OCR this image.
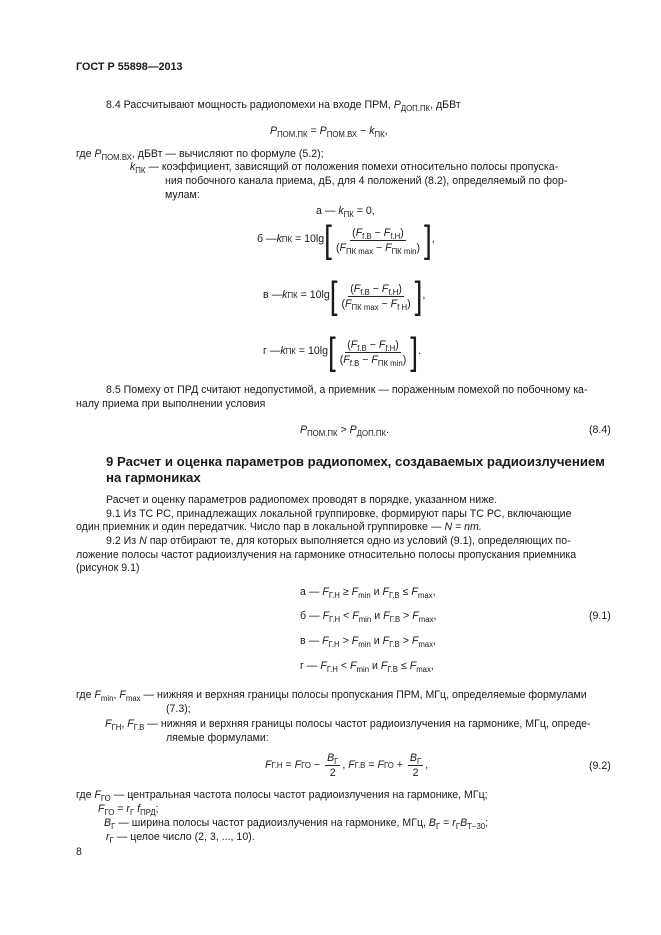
ГОСТ Р 55898—2013
8.4 Рассчитывают мощность радиопомехи на входе ПРМ, $P_{ДОП.ПК}$, дБВт
$P_{ПОМ.ПК} = P_{ПОМ.ВХ} - k_{ПК}$,
где $P_{ПОМ.ВХ}$, дБВт — вычисляют по формуле (5.2);
$k_{ПК}$ — коэффициент, зависящий от положения помехи относительно полосы пропуска-
ния побочного канала приема, дБ, для 4 положений (8.2), определяемый по фор-
мулам:
а — $k_{ПК} = 0$,
б — k ПК = 10lg [ $\frac{(F_{f.B} - F_{f.H})}{(F_{ПК max} - F_{ПК min})}$ ] ,
в — k ПК = 10lg [ $\frac{(F_{f.B} - F_{f.H})}{(F_{ПК max} - F_{f H})}$ ] ,
г — k ПК = 10lg [ $\frac{(F_{f.B} - F_{f.H})}{(F_{f.B} - F_{ПК min})}$ ] .
8.5 Помеху от ПРД считают недопустимой, а приемник — пораженным помехой по побочному ка-
налу приема при выполнении условия
$P_{ПОМ.ПК} > P_{ДОП.ПК}$.	(8.4)
9 Расчет и оценка параметров радиопомех, создаваемых радиоизлучением
на гармониках
Расчет и оценку параметров радиопомех проводят в порядке, указанном ниже.
9.1 Из ТС РС, принадлежащих локальной группировке, формируют пары ТС РС, включающие
один приемник и один передатчик. Число пар в локальной группировке — N = nm.
9.2 Из N пар отбирают те, для которых выполняется одно из условий (9.1), определяющих по-
ложение полосы частот радиоизлучения на гармонике относительно полосы пропускания приемника
(рисунок 9.1)
а — $F_{Г.Н} \ge F_{min}$ и $F_{Г.В} \le F_{max}$,
б — $F_{Г.Н} < F_{min}$ и $F_{Г.В} > F_{max}$,	(9.1)
в — $F_{Г.Н} > F_{min}$ и $F_{Г.В} > F_{max}$,
г — $F_{Г.Н} < F_{min}$ и $F_{Г.В} \le F_{max}$,
где $F_{min}$, $F_{max}$ — нижняя и верхняя границы полосы пропускания ПРМ, МГц, определяемые формулами
(7.3);
$F_{ГН}$, $F_{Г.В}$ — нижняя и верхняя границы полосы частот радиоизлучения на гармонике, МГц, опреде-
ляемые формулами:
F Г.Н = F ГО − $\frac{B_Г}{2}$ , F Г.В = F ГО + $\frac{B_Г}{2}$ ,	(9.2)
где $F_{ГО}$ — центральная частота полосы частот радиоизлучения на гармонике, МГц;
$F_{ГО} = r_Г$ $f_{ПРД}$;
$B_Г$ — ширина полосы частот радиоизлучения на гармонике, МГц, $B_Г = r_ГB_{T-30}$;
$r_Г$ — целое число (2, 3, ..., 10).
8
